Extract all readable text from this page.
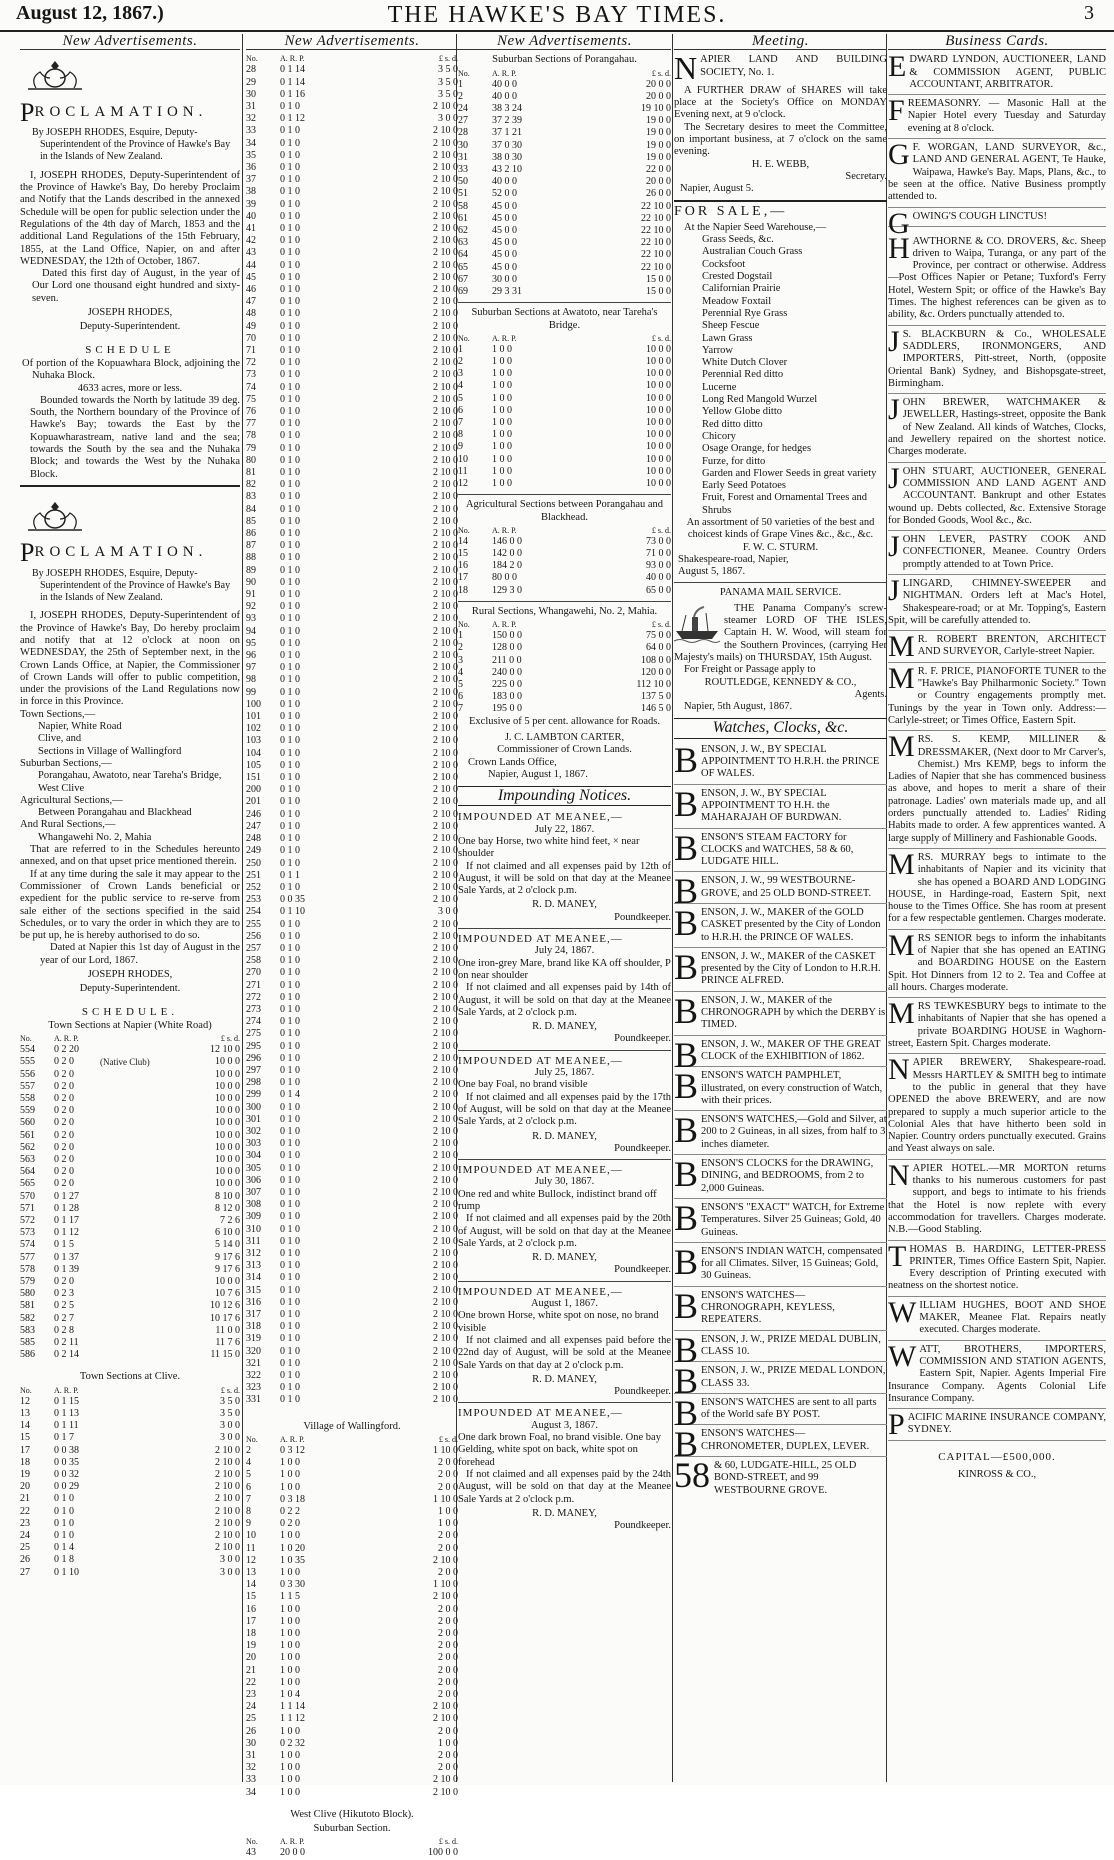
August 12, 1867.)	THE HAWKE'S BAY TIMES.	3
New Advertisements.
PROCLAMATION.
By JOSEPH RHODES, Esquire, Deputy-Superintendent of the Province of Hawke's Bay in the Islands of New Zealand.
I, JOSEPH RHODES, Deputy-Superintendent of the Province of Hawke's Bay, Do hereby Proclaim and Notify that the Lands described in the annexed Schedule will be open for public selection under the Regulations of the 4th day of March, 1853 and the additional Land Regulations of the 15th February, 1855, at the Land Office, Napier, on and after WEDNESDAY, the 12th of October, 1867.
Dated this first day of August, in the year of Our Lord one thousand eight hundred and sixty-seven.
JOSEPH RHODES,
Deputy-Superintendent.
SCHEDULE
Of portion of the Kopuawhara Block, adjoining the Nuhaka Block.
4633 acres, more or less.
Bounded towards the North by latitude 39 deg. South, the Northern boundary of the Province of Hawke's Bay; towards the East by the Kopuawharastream, native land and the sea; towards the South by the sea and the Nuhaka Block; and towards the West by the Nuhaka Block.
PROCLAMATION.
By JOSEPH RHODES, Esquire, Deputy-Superintendent of the Province of Hawke's Bay in the Islands of New Zealand.
I, JOSEPH RHODES, Deputy-Superintendent of the Province of Hawke's Bay, Do hereby proclaim and notify that at 12 o'clock at noon on WEDNESDAY, the 25th of September next, in the Crown Lands Office, at Napier, the Commissioner of Crown Lands will offer to public competition, under the provisions of the Land Regulations now in force in this Province.
Town Sections,—
Napier, White Road
Clive, and
Sections in Village of Wallingford
Suburban Sections,—
Porangahau, Awatoto, near Tareha's Bridge, West Clive
Agricultural Sections,—
Between Porangahau and Blackhead
And Rural Sections,—
Whangawehi No. 2, Mahia
That are referred to in the Schedules hereunto annexed, and on that upset price mentioned therein.
If at any time during the sale it may appear to the Commissioner of Crown Lands beneficial or expedient for the public service to re-serve from sale either of the sections specified in the said Schedules, or to vary the order in which they are to be put up, he is hereby authorised to do so.
Dated at Napier this 1st day of August in the year of our Lord, 1867.
JOSEPH RHODES,
Deputy-Superintendent.
SCHEDULE.
Town Sections at Napier (White Road)
No.	A. R. P.		£ s. d.
554	0 2 20		12 10 0
555	0 2 0	(Native Club)	10 0 0
556	0 2 0		10 0 0
557	0 2 0		10 0 0
558	0 2 0		10 0 0
559	0 2 0		10 0 0
560	0 2 0		10 0 0
561	0 2 0		10 0 0
562	0 2 0		10 0 0
563	0 2 0		10 0 0
564	0 2 0		10 0 0
565	0 2 0		10 0 0
570	0 1 27		8 10 0
571	0 1 28		8 12 0
572	0 1 17		7 2 6
573	0 1 12		6 10 0
574	0 1 5		5 14 0
577	0 1 37		9 17 6
578	0 1 39		9 17 6
579	0 2 0		10 0 0
580	0 2 3		10 7 6
581	0 2 5		10 12 6
582	0 2 7		10 17 6
583	0 2 8		11 0 0
585	0 2 11		11 7 6
586	0 2 14		11 15 0
Town Sections at Clive.
No.	A. R. P.		£ s. d.
12	0 1 15		3 5 0
13	0 1 13		3 5 0
14	0 1 11		3 0 0
15	0 1 7		3 0 0
17	0 0 38		2 10 0
18	0 0 35		2 10 0
19	0 0 32		2 10 0
20	0 0 29		2 10 0
21	0 1 0		2 10 0
22	0 1 0		2 10 0
23	0 1 0		2 10 0
24	0 1 0		2 10 0
25	0 1 4		2 10 0
26	0 1 8		3 0 0
27	0 1 10		3 0 0
New Advertisements.
No.	A. R. P.		£ s. d.
28	0 1 14		3 5 0
29	0 1 14		3 5 0
30	0 1 16		3 5 0
31	0 1 0		2 10 0
32	0 1 12		3 0 0
33	0 1 0		2 10 0
34	0 1 0		2 10 0
35	0 1 0		2 10 0
36	0 1 0		2 10 0
37	0 1 0		2 10 0
38	0 1 0		2 10 0
39	0 1 0		2 10 0
40	0 1 0		2 10 0
41	0 1 0		2 10 0
42	0 1 0		2 10 0
43	0 1 0		2 10 0
44	0 1 0		2 10 0
45	0 1 0		2 10 0
46	0 1 0		2 10 0
47	0 1 0		2 10 0
48	0 1 0		2 10 0
49	0 1 0		2 10 0
70	0 1 0		2 10 0
71	0 1 0		2 10 0
72	0 1 0		2 10 0
73	0 1 0		2 10 0
74	0 1 0		2 10 0
75	0 1 0		2 10 0
76	0 1 0		2 10 0
77	0 1 0		2 10 0
78	0 1 0		2 10 0
79	0 1 0		2 10 0
80	0 1 0		2 10 0
81	0 1 0		2 10 0
82	0 1 0		2 10 0
83	0 1 0		2 10 0
84	0 1 0		2 10 0
85	0 1 0		2 10 0
86	0 1 0		2 10 0
87	0 1 0		2 10 0
88	0 1 0		2 10 0
89	0 1 0		2 10 0
90	0 1 0		2 10 0
91	0 1 0		2 10 0
92	0 1 0		2 10 0
93	0 1 0		2 10 0
94	0 1 0		2 10 0
95	0 1 0		2 10 0
96	0 1 0		2 10 0
97	0 1 0		2 10 0
98	0 1 0		2 10 0
99	0 1 0		2 10 0
100	0 1 0		2 10 0
101	0 1 0		2 10 0
102	0 1 0		2 10 0
103	0 1 0		2 10 0
104	0 1 0		2 10 0
105	0 1 0		2 10 0
151	0 1 0		2 10 0
200	0 1 0		2 10 0
201	0 1 0		2 10 0
246	0 1 0		2 10 0
247	0 1 0		2 10 0
248	0 1 0		2 10 0
249	0 1 0		2 10 0
250	0 1 0		2 10 0
251	0 1 1		2 10 0
252	0 1 0		2 10 0
253	0 0 35		2 10 0
254	0 1 10		3 0 0
255	0 1 0		2 10 0
256	0 1 0		2 10 0
257	0 1 0		2 10 0
258	0 1 0		2 10 0
270	0 1 0		2 10 0
271	0 1 0		2 10 0
272	0 1 0		2 10 0
273	0 1 0		2 10 0
274	0 1 0		2 10 0
275	0 1 0		2 10 0
295	0 1 0		2 10 0
296	0 1 0		2 10 0
297	0 1 0		2 10 0
298	0 1 0		2 10 0
299	0 1 4		2 10 0
300	0 1 0		2 10 0
301	0 1 0		2 10 0
302	0 1 0		2 10 0
303	0 1 0		2 10 0
304	0 1 0		2 10 0
305	0 1 0		2 10 0
306	0 1 0		2 10 0
307	0 1 0		2 10 0
308	0 1 0		2 10 0
309	0 1 0		2 10 0
310	0 1 0		2 10 0
311	0 1 0		2 10 0
312	0 1 0		2 10 0
313	0 1 0		2 10 0
314	0 1 0		2 10 0
315	0 1 0		2 10 0
316	0 1 0		2 10 0
317	0 1 0		2 10 0
318	0 1 0		2 10 0
319	0 1 0		2 10 0
320	0 1 0		2 10 0
321	0 1 0		2 10 0
322	0 1 0		2 10 0
323	0 1 0		2 10 0
331	0 1 0		2 10 0
Village of Wallingford.
No.	A. R. P.		£ s. d.
2	0 3 12		1 10 0
4	1 0 0		2 0 0
5	1 0 0		2 0 0
6	1 0 0		2 0 0
7	0 3 18		1 10 0
8	0 2 2		1 0 0
9	0 2 0		1 0 0
10	1 0 0		2 0 0
11	1 0 20		2 0 0
12	1 0 35		2 10 0
13	1 0 0		2 0 0
14	0 3 30		1 10 0
15	1 1 5		2 10 0
16	1 0 0		2 0 0
17	1 0 0		2 0 0
18	1 0 0		2 0 0
19	1 0 0		2 0 0
20	1 0 0		2 0 0
21	1 0 0		2 0 0
22	1 0 0		2 0 0
23	1 0 4		2 0 0
24	1 1 14		2 10 0
25	1 1 12		2 10 0
26	1 0 0		2 0 0
30	0 2 32		1 0 0
31	1 0 0		2 0 0
32	1 0 0		2 0 0
33	1 0 0		2 10 0
34	1 0 0		2 10 0
West Clive (Hikutoto Block).
Suburban Section.
No.	A. R. P.		£ s. d.
43	20 0 0		100 0 0
New Advertisements.
Suburban Sections of Porangahau.
No.	A. R. P.		£ s. d.
1	40 0 0		20 0 0
2	40 0 0		20 0 0
24	38 3 24		19 10 0
27	37 2 39		19 0 0
28	37 1 21		19 0 0
30	37 0 30		19 0 0
31	38 0 30		19 0 0
33	43 2 10		22 0 0
50	40 0 0		20 0 0
51	52 0 0		26 0 0
58	45 0 0		22 10 0
61	45 0 0		22 10 0
62	45 0 0		22 10 0
63	45 0 0		22 10 0
64	45 0 0		22 10 0
65	45 0 0		22 10 0
67	30 0 0		15 0 0
69	29 3 31		15 0 0
Suburban Sections at Awatoto, near Tareha's Bridge.
No.	A. R. P.		£ s. d.
1	1 0 0		10 0 0
2	1 0 0		10 0 0
3	1 0 0		10 0 0
4	1 0 0		10 0 0
5	1 0 0		10 0 0
6	1 0 0		10 0 0
7	1 0 0		10 0 0
8	1 0 0		10 0 0
9	1 0 0		10 0 0
10	1 0 0		10 0 0
11	1 0 0		10 0 0
12	1 0 0		10 0 0
Agricultural Sections between Porangahau and Blackhead.
No.	A. R. P.		£ s. d.
14	146 0 0		73 0 0
15	142 0 0		71 0 0
16	184 2 0		93 0 0
17	80 0 0		40 0 0
18	129 3 0		65 0 0
Rural Sections, Whangawehi, No. 2, Mahia.
No.	A. R. P.		£ s. d.
1	150 0 0		75 0 0
2	128 0 0		64 0 0
3	211 0 0		108 0 0
4	240 0 0		120 0 0
5	225 0 0		112 10 0
6	183 0 0		137 5 0
7	195 0 0		146 5 0
Exclusive of 5 per cent. allowance for Roads.
J. C. LAMBTON CARTER,
Commissioner of Crown Lands.
Crown Lands Office,
Napier, August 1, 1867.
Impounding Notices.
IMPOUNDED AT MEANEE,—
July 22, 1867.
One bay Horse, two white hind feet, × near shoulder
If not claimed and all expenses paid by 12th of August, it will be sold on that day at the Meanee Sale Yards, at 2 o'clock p.m.
R. D. MANEY,
Poundkeeper.
IMPOUNDED AT MEANEE,—
July 24, 1867.
One iron-grey Mare, brand like KA off shoulder, P on near shoulder
If not claimed and all expenses paid by 14th of August, it will be sold on that day at the Meanee Sale Yards, at 2 o'clock p.m.
R. D. MANEY,
Poundkeeper.
IMPOUNDED AT MEANEE,—
July 25, 1867.
One bay Foal, no brand visible
If not claimed and all expenses paid by the 17th of August, will be sold on that day at the Meanee Sale Yards, at 2 o'clock p.m.
R. D. MANEY,
Poundkeeper.
IMPOUNDED AT MEANEE,—
July 30, 1867.
One red and white Bullock, indistinct brand off rump
If not claimed and all expenses paid by the 20th of August, will be sold on that day at the Meanee Sale Yards, at 2 o'clock p.m.
R. D. MANEY,
Poundkeeper.
IMPOUNDED AT MEANEE,—
August 1, 1867.
One brown Horse, white spot on nose, no brand visible
If not claimed and all expenses paid before the 22nd day of August, will be sold at the Meanee Sale Yards on that day at 2 o'clock p.m.
R. D. MANEY,
Poundkeeper.
IMPOUNDED AT MEANEE,—
August 3, 1867.
One dark brown Foal, no brand visible. One bay Gelding, white spot on back, white spot on forehead
If not claimed and all expenses paid by the 24th August, will be sold on that day at the Meanee Sale Yards at 2 o'clock p.m.
R. D. MANEY,
Poundkeeper.
Meeting.
NAPIER LAND AND BUILDING SOCIETY, No. 1.
A FURTHER DRAW of SHARES will take place at the Society's Office on MONDAY Evening next, at 9 o'clock.
The Secretary desires to meet the Committee, on important business, at 7 o'clock on the same evening.
H. E. WEBB,
Secretary.
Napier, August 5.
FOR SALE,—
At the Napier Seed Warehouse,—
Grass Seeds, &c.
Australian Couch Grass
Cocksfoot
Crested Dogstail
Californian Prairie
Meadow Foxtail
Perennial Rye Grass
Sheep Fescue
Lawn Grass
Yarrow
White Dutch Clover
Perennial Red ditto
Lucerne
Long Red Mangold Wurzel
Yellow Globe ditto
Red ditto ditto
Chicory
Osage Orange, for hedges
Furze, for ditto
Garden and Flower Seeds in great variety
Early Seed Potatoes
Fruit, Forest and Ornamental Trees and Shrubs
An assortment of 50 varieties of the best and choicest kinds of Grape Vines &c., &c., &c.
F. W. C. STURM.
Shakespeare-road, Napier,
August 5, 1867.
PANAMA MAIL SERVICE.
THE Panama Company's screw-steamer LORD OF THE ISLES, Captain H. W. Wood, will steam for the Southern Provinces, (carrying Her Majesty's mails) on THURSDAY, 15th August.
For Freight or Passage apply to
ROUTLEDGE, KENNEDY & CO.,
Agents.
Napier, 5th August, 1867.
Watches, Clocks, &c.
BENSON, J. W., BY SPECIAL APPOINTMENT TO H.R.H. the PRINCE OF WALES.
BENSON, J. W., BY SPECIAL APPOINTMENT TO H.H. the MAHARAJAH OF BURDWAN.
BENSON'S STEAM FACTORY for CLOCKS and WATCHES, 58 & 60, LUDGATE HILL.
BENSON, J. W., 99 WESTBOURNE-GROVE, and 25 OLD BOND-STREET.
BENSON, J. W., MAKER of the GOLD CASKET presented by the City of London to H.R.H. the PRINCE OF WALES.
BENSON, J. W., MAKER of the CASKET presented by the City of London to H.R.H. PRINCE ALFRED.
BENSON, J. W., MAKER of the CHRONOGRAPH by which the DERBY is TIMED.
BENSON, J. W., MAKER OF THE GREAT CLOCK of the EXHIBITION of 1862.
BENSON'S WATCH PAMPHLET, illustrated, on every construction of Watch, with their prices.
BENSON'S WATCHES,—Gold and Silver, at 200 to 2 Guineas, in all sizes, from half to 3 inches diameter.
BENSON'S CLOCKS for the DRAWING, DINING, and BEDROOMS, from 2 to 2,000 Guineas.
BENSON'S "EXACT" WATCH, for Extreme Temperatures. Silver 25 Guineas; Gold, 40 Guineas.
BENSON'S INDIAN WATCH, compensated for all Climates. Silver, 15 Guineas; Gold, 30 Guineas.
BENSON'S WATCHES—CHRONOGRAPH, KEYLESS, REPEATERS.
BENSON, J. W., PRIZE MEDAL DUBLIN, CLASS 10.
BENSON, J. W., PRIZE MEDAL LONDON, CLASS 33.
BENSON'S WATCHES are sent to all parts of the World safe BY POST.
BENSON'S WATCHES—CHRONOMETER, DUPLEX, LEVER.
58 & 60, LUDGATE-HILL, 25 OLD BOND-STREET, and 99 WESTBOURNE GROVE.
Business Cards.
EDWARD LYNDON, AUCTIONEER, LAND & COMMISSION AGENT, PUBLIC ACCOUNTANT, ARBITRATOR.
FREEMASONRY. — Masonic Hall at the Napier Hotel every Tuesday and Saturday evening at 8 o'clock.
G F. WORGAN, LAND SURVEYOR, &c., LAND AND GENERAL AGENT, Te Hauke, Waipawa, Hawke's Bay. Maps, Plans, &c., to be seen at the office. Native Business promptly attended to.
GOWING'S COUGH LINCTUS!
HAWTHORNE & CO. DROVERS, &c. Sheep driven to Waipa, Turanga, or any part of the Province, per contract or otherwise. Address —Post Offices Napier or Petane; Tuxford's Ferry Hotel, Western Spit; or office of the Hawke's Bay Times. The highest references can be given as to ability, &c. Orders punctually attended to.
J S. BLACKBURN & Co., WHOLESALE SADDLERS, IRONMONGERS, AND IMPORTERS, Pitt-street, North, (opposite Oriental Bank) Sydney, and Bishopsgate-street, Birmingham.
JOHN BREWER, WATCHMAKER & JEWELLER, Hastings-street, opposite the Bank of New Zealand. All kinds of Watches, Clocks, and Jewellery repaired on the shortest notice. Charges moderate.
JOHN STUART, AUCTIONEER, GENERAL COMMISSION AND LAND AGENT AND ACCOUNTANT. Bankrupt and other Estates wound up. Debts collected, &c. Extensive Storage for Bonded Goods, Wool &c., &c.
JOHN LEVER, PASTRY COOK AND CONFECTIONER, Meanee. Country Orders promptly attended to at Town Price.
JLINGARD, CHIMNEY-SWEEPER and NIGHTMAN. Orders left at Mac's Hotel, Shakespeare-road; or at Mr. Topping's, Eastern Spit, will be carefully attended to.
M R. ROBERT BRENTON, ARCHITECT AND SURVEYOR, Carlyle-street Napier.
M R. F. PRICE, PIANOFORTE TUNER to the "Hawke's Bay Philharmonic Society." Town or Country engagements promptly met. Tunings by the year in Town only. Address:—Carlyle-street; or Times Office, Eastern Spit.
MRS. S. KEMP, MILLINER & DRESSMAKER, (Next door to Mr Carver's, Chemist.) Mrs KEMP, begs to inform the Ladies of Napier that she has commenced business as above, and hopes to merit a share of their patronage. Ladies' own materials made up, and all orders punctually attended to. Ladies' Riding Habits made to order. A few apprentices wanted. A large supply of Millinery and Fashionable Goods.
MRS. MURRAY begs to intimate to the inhabitants of Napier and its vicinity that she has opened a BOARD AND LODGING HOUSE, in Hardinge-road, Eastern Spit, next house to the Times Office. She has room at present for a few respectable gentlemen. Charges moderate.
MRS SENIOR begs to inform the inhabitants of Napier that she has opened an EATING and BOARDING HOUSE on the Eastern Spit. Hot Dinners from 12 to 2. Tea and Coffee at all hours. Charges moderate.
MRS TEWKESBURY begs to intimate to the inhabitants of Napier that she has opened a private BOARDING HOUSE in Waghorn-street, Eastern Spit. Charges moderate.
NAPIER BREWERY, Shakespeare-road. Messrs HARTLEY & SMITH beg to intimate to the public in general that they have OPENED the above BREWERY, and are now prepared to supply a much superior article to the Colonial Ales that have hitherto been sold in Napier. Country orders punctually executed. Grains and Yeast always on sale.
NAPIER HOTEL.—MR MORTON returns thanks to his numerous customers for past support, and begs to intimate to his friends that the Hotel is now replete with every accommodation for travellers. Charges moderate. N.B.—Good Stabling.
THOMAS B. HARDING, LETTER-PRESS PRINTER, Times Office Eastern Spit, Napier. Every description of Printing executed with neatness on the shortest notice.
WILLIAM HUGHES, BOOT AND SHOE MAKER, Meanee Flat. Repairs neatly executed. Charges moderate.
WATT, BROTHERS, IMPORTERS, COMMISSION AND STATION AGENTS, Eastern Spit, Napier. Agents Imperial Fire Insurance Company. Agents Colonial Life Insurance Company.
PACIFIC MARINE INSURANCE COMPANY, SYDNEY.
CAPITAL—£500,000.
KINROSS & CO.,
